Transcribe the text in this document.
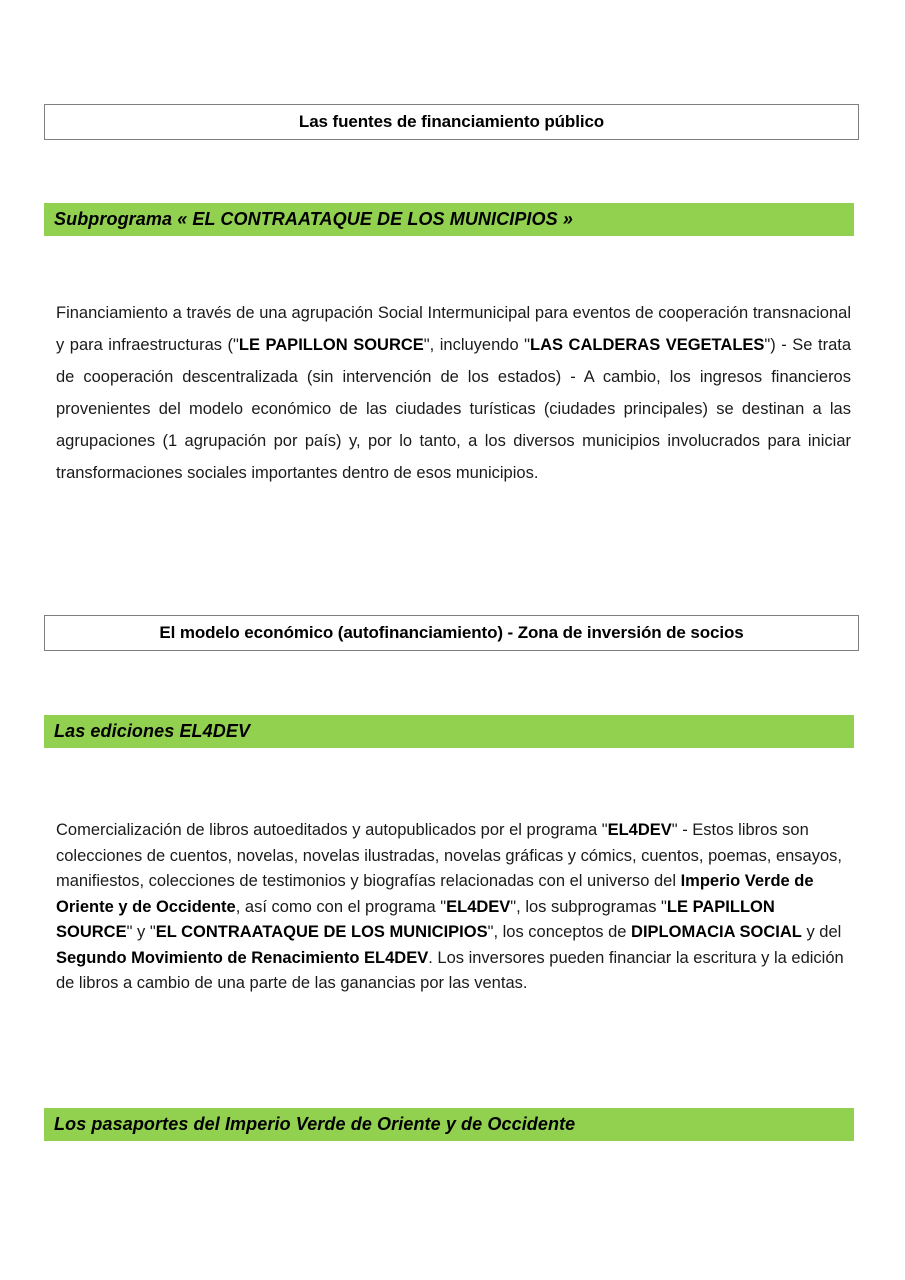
Las fuentes de financiamiento público
Subprograma « EL CONTRAATAQUE DE LOS MUNICIPIOS »
Financiamiento a través de una agrupación Social Intermunicipal para eventos de cooperación transnacional y para infraestructuras ("LE PAPILLON SOURCE", incluyendo "LAS CALDERAS VEGETALES") - Se trata de cooperación descentralizada (sin intervención de los estados) - A cambio, los ingresos financieros provenientes del modelo económico de las ciudades turísticas (ciudades principales) se destinan a las agrupaciones (1 agrupación por país) y, por lo tanto, a los diversos municipios involucrados para iniciar transformaciones sociales importantes dentro de esos municipios.
El modelo económico (autofinanciamiento) - Zona de inversión de socios
Las ediciones EL4DEV
Comercialización de libros autoeditados y autopublicados por el programa "EL4DEV" - Estos libros son colecciones de cuentos, novelas, novelas ilustradas, novelas gráficas y cómics, cuentos, poemas, ensayos, manifiestos, colecciones de testimonios y biografías relacionadas con el universo del Imperio Verde de Oriente y de Occidente, así como con el programa "EL4DEV", los subprogramas "LE PAPILLON SOURCE" y "EL CONTRAATAQUE DE LOS MUNICIPIOS", los conceptos de DIPLOMACIA SOCIAL y del Segundo Movimiento de Renacimiento EL4DEV. Los inversores pueden financiar la escritura y la edición de libros a cambio de una parte de las ganancias por las ventas.
Los pasaportes del Imperio Verde de Oriente y de Occidente
